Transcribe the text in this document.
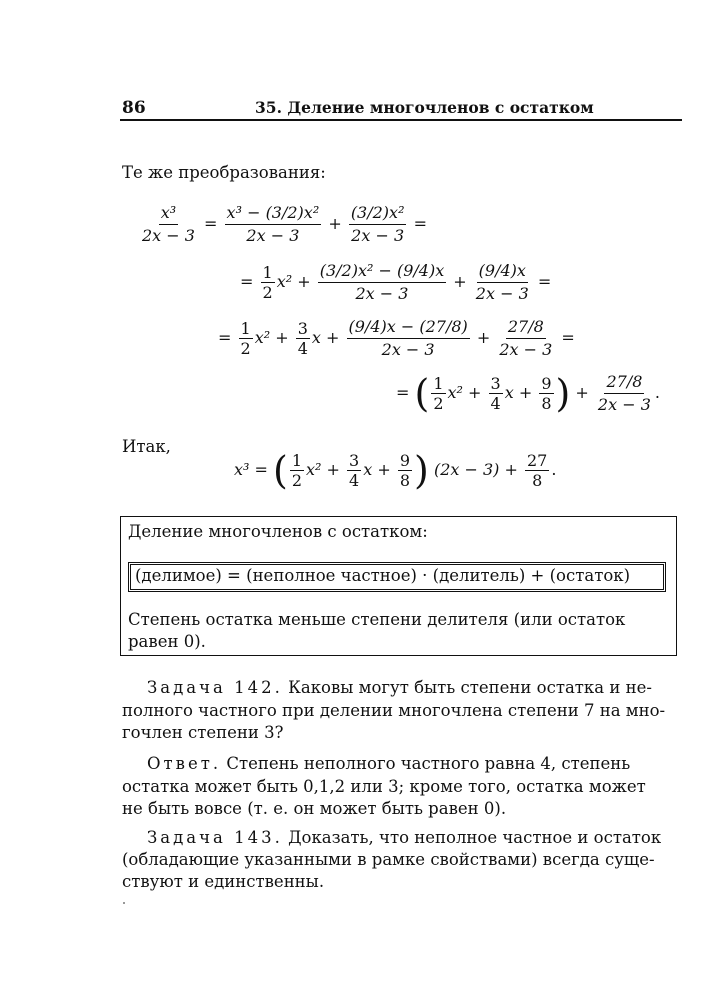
86	35. Деление многочленов с остатком
Те же преобразования:
$\frac{\text{x³}}{2x - 3} = \frac{\text{x³ − (3/2)x²}}{2x - 3} + \frac{\text{(3/2)x²}}{2x - 3}$ =
= $\frac{1}{2} x^2 + \frac{\text{(3/2)x² − (9/4)x}}{2x - 3} + \frac{(9/4)x}{2x - 3}$ =
= $\frac{1}{2} x^2 + \frac{3}{4}$ $x + \frac{(9/4)x - (27/8)}{2x - 3} + \frac{27/8}{2x - 3}$ =
= ( $\frac{1}{2} x^2 + \frac{3}{4}$ $x + \frac{9}{8}$ ) + $\frac{27/8}{2x - 3}$ .
Итак,
x³ = ( $\frac{1}{2} x^2 + \frac{3}{4}$ $x + \frac{9}{8}$ ) $(2x - 3) + \frac{27}{8}$ .
Деление многочленов с остатком:
(делимое) = (неполное частное) · (делитель) + (остаток)
Степень остатка меньше степени делителя (или остаток
равен 0).
Задача 142. Каковы могут быть степени остатка и не-
полного частного при делении многочлена степени 7 на мно-
гочлен степени 3?
Ответ. Степень неполного частного равна 4, степень
остатка может быть 0,1,2 или 3; кроме того, остатка может
не быть вовсе (т. е. он может быть равен 0).
Задача 143. Доказать, что неполное частное и остаток
(обладающие указанными в рамке свойствами) всегда суще-
ствуют и единственны.
